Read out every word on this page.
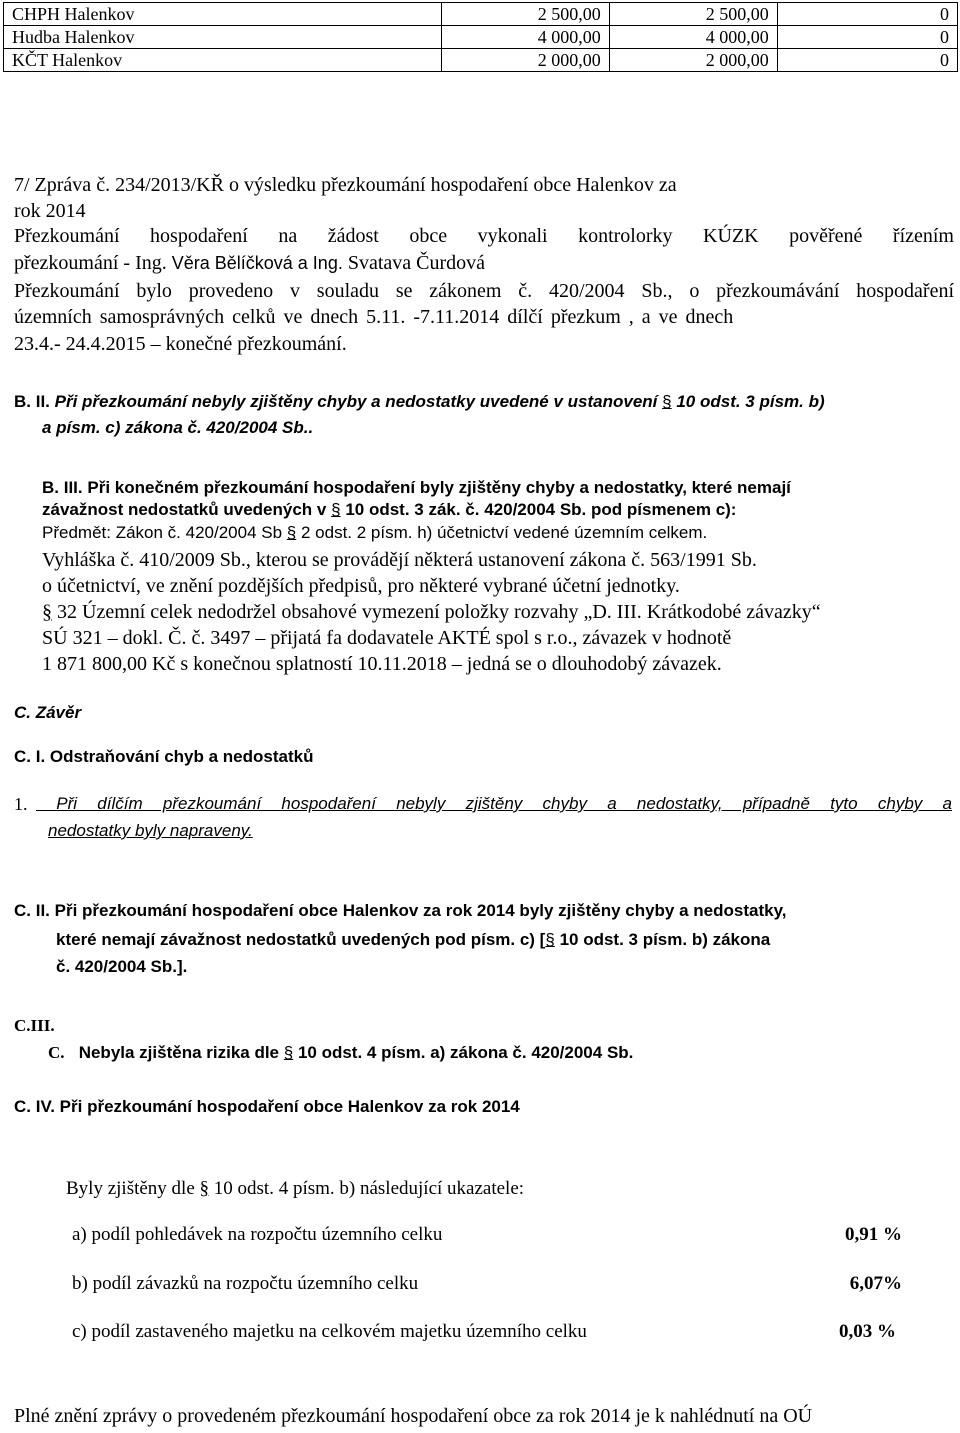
CHPH Halenkov	2 500,00	2 500,00	0
Hudba Halenkov	4 000,00	4 000,00	0
KČT Halenkov	2 000,00	2 000,00	0
7/ Zpráva č. 234/2013/KŘ o výsledku přezkoumání hospodaření obce Halenkov za
rok 2014
Přezkoumání hospodaření na žádost obce vykonali kontrolorky KÚZK pověřené řízením
přezkoumání - Ing. Věra Bělíčková a Ing. Svatava Čurdová
Přezkoumání bylo provedeno v souladu se zákonem č. 420/2004 Sb., o přezkoumávání hospodaření
územních samosprávných celků ve dnech 5.11. -7.11.2014 dílčí přezkum , a ve dnech
23.4.- 24.4.2015 – konečné přezkoumání.
B. II. Při přezkoumání nebyly zjištěny chyby a nedostatky uvedené v ustanovení § 10 odst. 3 písm. b)
a písm. c) zákona č. 420/2004 Sb..
B. III. Při konečném přezkoumání hospodaření byly zjištěny chyby a nedostatky, které nemají
závažnost nedostatků uvedených v § 10 odst. 3 zák. č. 420/2004 Sb. pod písmenem c):
Předmět: Zákon č. 420/2004 Sb § 2 odst. 2 písm. h) účetnictví vedené územním celkem.
Vyhláška č. 410/2009 Sb., kterou se provádějí některá ustanovení zákona č. 563/1991 Sb.
o účetnictví, ve znění pozdějších předpisů, pro některé vybrané účetní jednotky.
§ 32 Územní celek nedodržel obsahové vymezení položky rozvahy „D. III. Krátkodobé závazky“
SÚ 321 – dokl. Č. č. 3497 – přijatá fa dodavatele AKTÉ spol s r.o., závazek v hodnotě
1 871 800,00 Kč s konečnou splatností 10.11.2018 – jedná se o dlouhodobý závazek.
C. Závěr
C. I. Odstraňování chyb a nedostatků
1.	Při dílčím přezkoumání hospodaření nebyly zjištěny chyby a nedostatky, případně tyto chyby a
nedostatky byly napraveny.
C. II. Při přezkoumání hospodaření obce Halenkov za rok 2014 byly zjištěny chyby a nedostatky,
které nemají závažnost nedostatků uvedených pod písm. c) [§ 10 odst. 3 písm. b) zákona
č. 420/2004 Sb.].
C.III.
C. Nebyla zjištěna rizika dle § 10 odst. 4 písm. a) zákona č. 420/2004 Sb.
C. IV. Při přezkoumání hospodaření obce Halenkov za rok 2014
Byly zjištěny dle § 10 odst. 4 písm. b) následující ukazatele:
a) podíl pohledávek na rozpočtu územního celku	0,91 %
b) podíl závazků na rozpočtu územního celku	6,07%
c) podíl zastaveného majetku na celkovém majetku územního celku	0,03 %
Plné znění zprávy o provedeném přezkoumání hospodaření obce za rok 2014 je k nahlédnutí na OÚ
